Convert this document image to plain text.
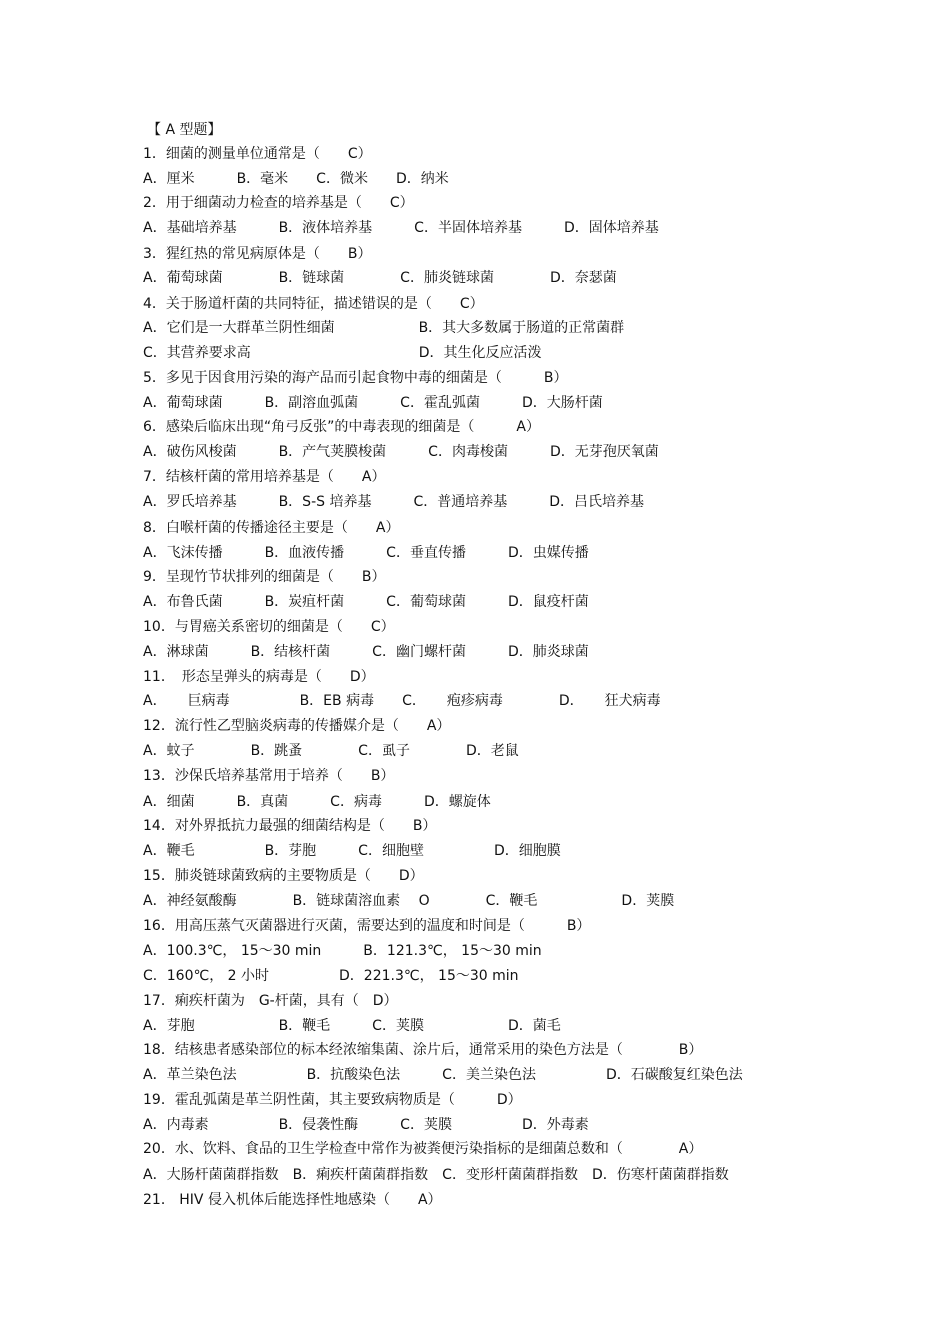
【 A 型题】
1．细菌的测量单位通常是（　　C）
A．厘米　　　B．毫米　　C．微米　　D．纳米
2．用于细菌动力检查的培养基是（　　C）
A．基础培养基　　　B．液体培养基　　　C．半固体培养基　　　D．固体培养基
3．猩红热的常见病原体是（　　B）
A．葡萄球菌　　　　B．链球菌　　　　C．肺炎链球菌　　　　D．奈瑟菌
4．关于肠道杆菌的共同特征，描述错误的是（　　C）
A．它们是一大群革兰阴性细菌　　　　　　B．其大多数属于肠道的正常菌群
C．其营养要求高　　　　　　　　　　　　D．其生化反应活泼
5．多见于因食用污染的海产品而引起食物中毒的细菌是（　　　B）
A．葡萄球菌　　　B．副溶血弧菌　　　C．霍乱弧菌　　　D．大肠杆菌
6．感染后临床出现“角弓反张”的中毒表现的细菌是（　　　A）
A．破伤风梭菌　　　B．产气荚膜梭菌　　　C．肉毒梭菌　　　D．无芽孢厌氧菌
7．结核杆菌的常用培养基是（　　A）
A．罗氏培养基　　　B．S-S 培养基　　　C．普通培养基　　　D．吕氏培养基
8．白喉杆菌的传播途径主要是（　　A）
A．飞沫传播　　　B．血液传播　　　C．垂直传播　　　D．虫媒传播
9．呈现竹节状排列的细菌是（　　B）
A．布鲁氏菌　　　B．炭疽杆菌　　　C．葡萄球菌　　　D．鼠疫杆菌
10．与胃癌关系密切的细菌是（　　C）
A．淋球菌　　　B．结核杆菌　　　C．幽门螺杆菌　　　D．肺炎球菌
11．　形态呈弹头的病毒是（　　D）
A．　　巨病毒　　　　　B．EB 病毒　　C．　　疱疹病毒　　　　D．　　狂犬病毒
12．流行性乙型脑炎病毒的传播媒介是（　　A）
A．蚊子　　　　B．跳蚤　　　　C．虱子　　　　D．老鼠
13．沙保氏培养基常用于培养（　　B）
A．细菌　　　B．真菌　　　C．病毒　　　D．螺旋体
14．对外界抵抗力最强的细菌结构是（　　B）
A．鞭毛　　　　　B．芽胞　　　C．细胞壁　　　　　D．细胞膜
15．肺炎链球菌致病的主要物质是（　　D）
A．神经氨酸酶　　　　B．链球菌溶血素　 O　　　　C．鞭毛　　　　　　D．荚膜
16．用高压蒸气灭菌器进行灭菌，需要达到的温度和时间是（　　　B）
A．100.3℃， 15～30 min　　　B．121.3℃， 15～30 min
C．160℃， 2 小时　　　　　D．221.3℃， 15～30 min
17．痢疾杆菌为　G-杆菌，具有（　D）
A．芽胞　　　　　　B．鞭毛　　　C．荚膜　　　　　　D．菌毛
18．结核患者感染部位的标本经浓缩集菌、涂片后，通常采用的染色方法是（　　　　B）
A．革兰染色法　　　　　B．抗酸染色法　　　C．美兰染色法　　　　　D．石碳酸复红染色法
19．霍乱弧菌是革兰阴性菌，其主要致病物质是（　　　D）
A．内毒素　　　　　B．侵袭性酶　　　C．荚膜　　　　　D．外毒素
20．水、饮料、食品的卫生学检查中常作为被粪便污染指标的是细菌总数和（　　　　A）
A．大肠杆菌菌群指数　B．痢疾杆菌菌群指数　C．变形杆菌菌群指数　D．伤寒杆菌菌群指数
21． HIV 侵入机体后能选择性地感染（　　A）
